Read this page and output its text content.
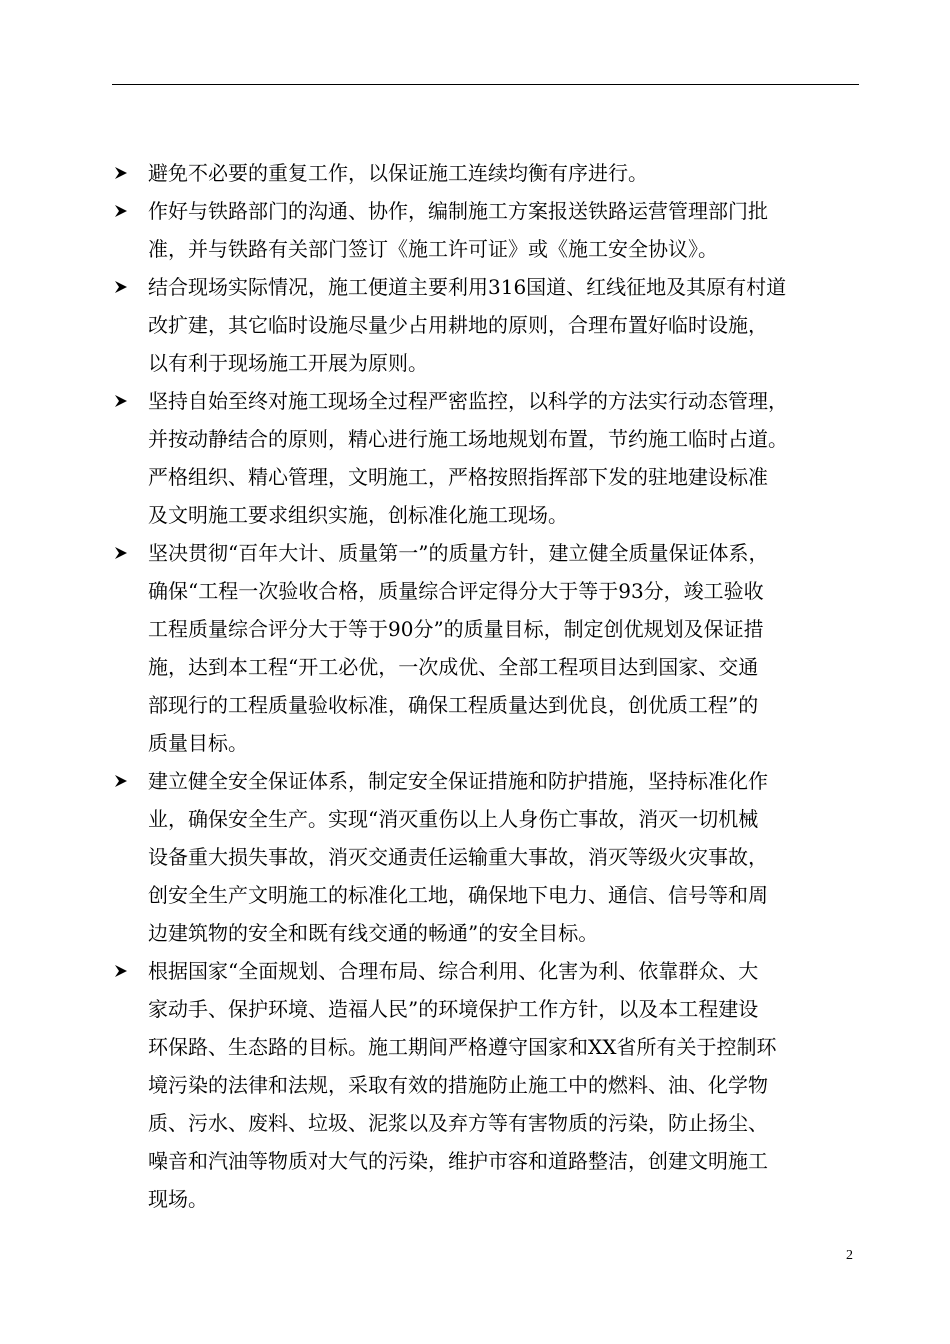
避免不必要的重复工作，以保证施工连续均衡有序进行。
作好与铁路部门的沟通、协作，编制施工方案报送铁路运营管理部门批
准，并与铁路有关部门签订《施工许可证》或《施工安全协议》。
结合现场实际情况，施工便道主要利用316国道、红线征地及其原有村道
改扩建，其它临时设施尽量少占用耕地的原则，合理布置好临时设施，
以有利于现场施工开展为原则。
坚持自始至终对施工现场全过程严密监控，以科学的方法实行动态管理，
并按动静结合的原则，精心进行施工场地规划布置，节约施工临时占道。
严格组织、精心管理，文明施工，严格按照指挥部下发的驻地建设标准
及文明施工要求组织实施，创标准化施工现场。
坚决贯彻“百年大计、质量第一”的质量方针，建立健全质量保证体系，
确保“工程一次验收合格，质量综合评定得分大于等于93分，竣工验收
工程质量综合评分大于等于90分”的质量目标，制定创优规划及保证措
施，达到本工程“开工必优，一次成优、全部工程项目达到国家、交通
部现行的工程质量验收标准，确保工程质量达到优良，创优质工程”的
质量目标。
建立健全安全保证体系，制定安全保证措施和防护措施，坚持标准化作
业，确保安全生产。实现“消灭重伤以上人身伤亡事故，消灭一切机械
设备重大损失事故，消灭交通责任运输重大事故，消灭等级火灾事故，
创安全生产文明施工的标准化工地，确保地下电力、通信、信号等和周
边建筑物的安全和既有线交通的畅通”的安全目标。
根据国家“全面规划、合理布局、综合利用、化害为利、依靠群众、大
家动手、保护环境、造福人民”的环境保护工作方针，以及本工程建设
环保路、生态路的目标。施工期间严格遵守国家和XX省所有关于控制环
境污染的法律和法规，采取有效的措施防止施工中的燃料、油、化学物
质、污水、废料、垃圾、泥浆以及弃方等有害物质的污染，防止扬尘、
噪音和汽油等物质对大气的污染，维护市容和道路整洁，创建文明施工
现场。
2
